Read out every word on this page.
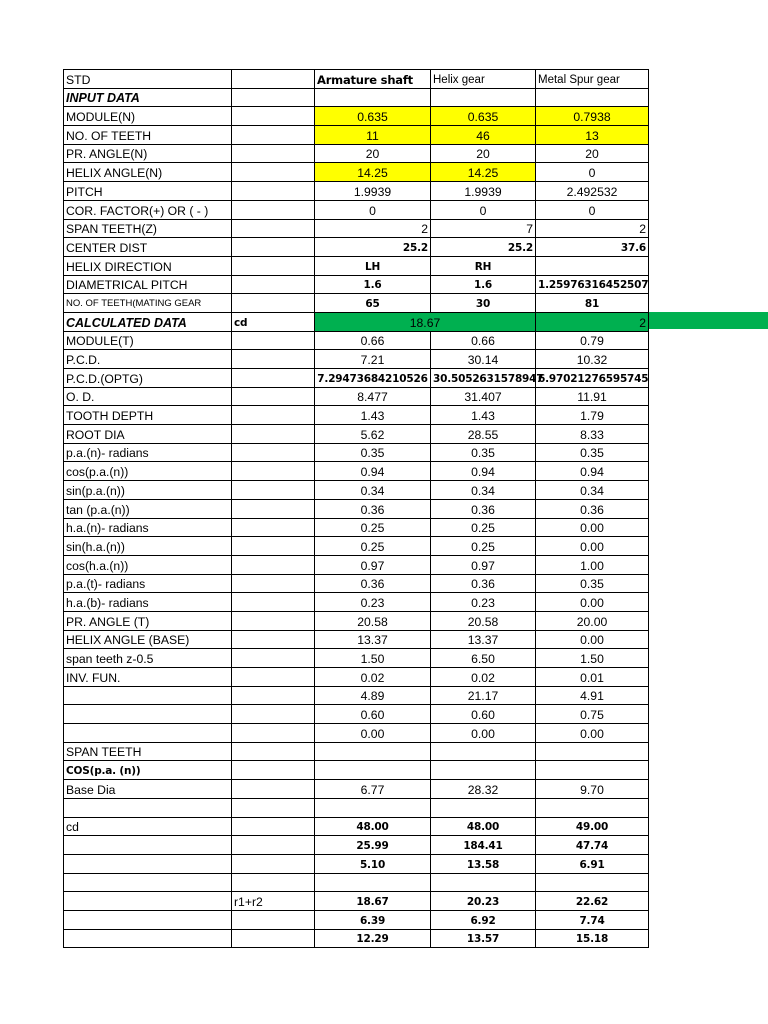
STD		Armature shaft	Helix gear	Metal Spur gear
INPUT DATA				
MODULE(N)		0.635	0.635	0.7938
NO. OF TEETH		11	46	13
PR. ANGLE(N)		20	20	20
HELIX ANGLE(N)		14.25	14.25	0
PITCH		1.9939	1.9939	2.492532
COR. FACTOR(+) OR ( - )		0	0	0
SPAN TEETH(Z)		2	7	2
CENTER DIST		25.2	25.2	37.6
HELIX DIRECTION		LH	RH	
DIAMETRICAL PITCH		1.6	1.6	1.25976316452507
NO. OF TEETH(MATING GEAR		65	30	81
CALCULATED DATA	cd	18.67		2
MODULE(T)		0.66	0.66	0.79
P.C.D.		7.21	30.14	10.32
P.C.D.(OPTG)		7.29473684210526	30.5052631578947	6.97021276595745
O. D.		8.477	31.407	11.91
TOOTH DEPTH		1.43	1.43	1.79
ROOT DIA		5.62	28.55	8.33
p.a.(n)- radians		0.35	0.35	0.35
cos(p.a.(n))		0.94	0.94	0.94
sin(p.a.(n))		0.34	0.34	0.34
tan (p.a.(n))		0.36	0.36	0.36
h.a.(n)- radians		0.25	0.25	0.00
sin(h.a.(n))		0.25	0.25	0.00
cos(h.a.(n))		0.97	0.97	1.00
p.a.(t)- radians		0.36	0.36	0.35
h.a.(b)- radians		0.23	0.23	0.00
PR. ANGLE (T)		20.58	20.58	20.00
HELIX ANGLE (BASE)		13.37	13.37	0.00
span teeth z-0.5		1.50	6.50	1.50
INV. FUN.		0.02	0.02	0.01
		4.89	21.17	4.91
		0.60	0.60	0.75
		0.00	0.00	0.00
SPAN TEETH				
COS(p.a. (n))				
Base Dia		6.77	28.32	9.70

cd		48.00	48.00	49.00
		25.99	184.41	47.74
		5.10	13.58	6.91

	r1+r2	18.67	20.23	22.62
		6.39	6.92	7.74
		12.29	13.57	15.18
